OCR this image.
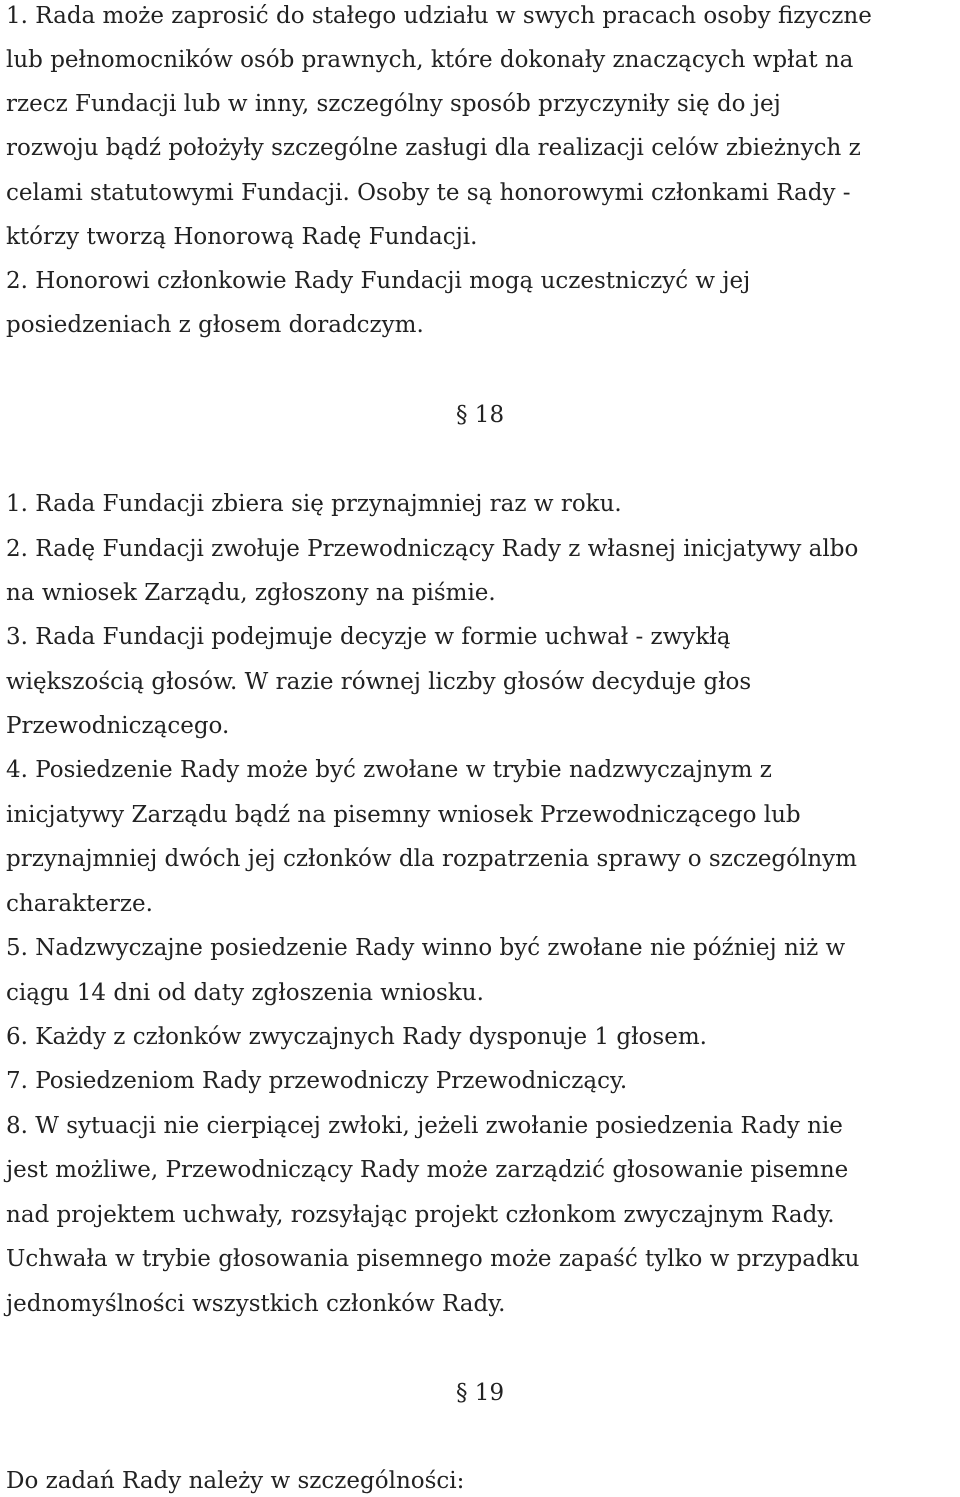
1. Rada może zaprosić do stałego udziału w swych pracach osoby fizyczne
lub pełnomocników osób prawnych, które dokonały znaczących wpłat na
rzecz Fundacji lub w inny, szczególny sposób przyczyniły się do jej
rozwoju bądź położyły szczególne zasługi dla realizacji celów zbieżnych z
celami statutowymi Fundacji. Osoby te są honorowymi członkami Rady -
którzy tworzą Honorową Radę Fundacji.
2. Honorowi członkowie Rady Fundacji mogą uczestniczyć w jej
posiedzeniach z głosem doradczym.
§ 18
1. Rada Fundacji zbiera się przynajmniej raz w roku.
2. Radę Fundacji zwołuje Przewodniczący Rady z własnej inicjatywy albo
na wniosek Zarządu, zgłoszony na piśmie.
3. Rada Fundacji podejmuje decyzje w formie uchwał - zwykłą
większością głosów. W razie równej liczby głosów decyduje głos
Przewodniczącego.
4. Posiedzenie Rady może być zwołane w trybie nadzwyczajnym z
inicjatywy Zarządu bądź na pisemny wniosek Przewodniczącego lub
przynajmniej dwóch jej członków dla rozpatrzenia sprawy o szczególnym
charakterze.
5. Nadzwyczajne posiedzenie Rady winno być zwołane nie później niż w
ciągu 14 dni od daty zgłoszenia wniosku.
6. Każdy z członków zwyczajnych Rady dysponuje 1 głosem.
7. Posiedzeniom Rady przewodniczy Przewodniczący.
8. W sytuacji nie cierpiącej zwłoki, jeżeli zwołanie posiedzenia Rady nie
jest możliwe, Przewodniczący Rady może zarządzić głosowanie pisemne
nad projektem uchwały, rozsyłając projekt członkom zwyczajnym Rady.
Uchwała w trybie głosowania pisemnego może zapaść tylko w przypadku
jednomyślności wszystkich członków Rady.
§ 19
Do zadań Rady należy w szczególności:
